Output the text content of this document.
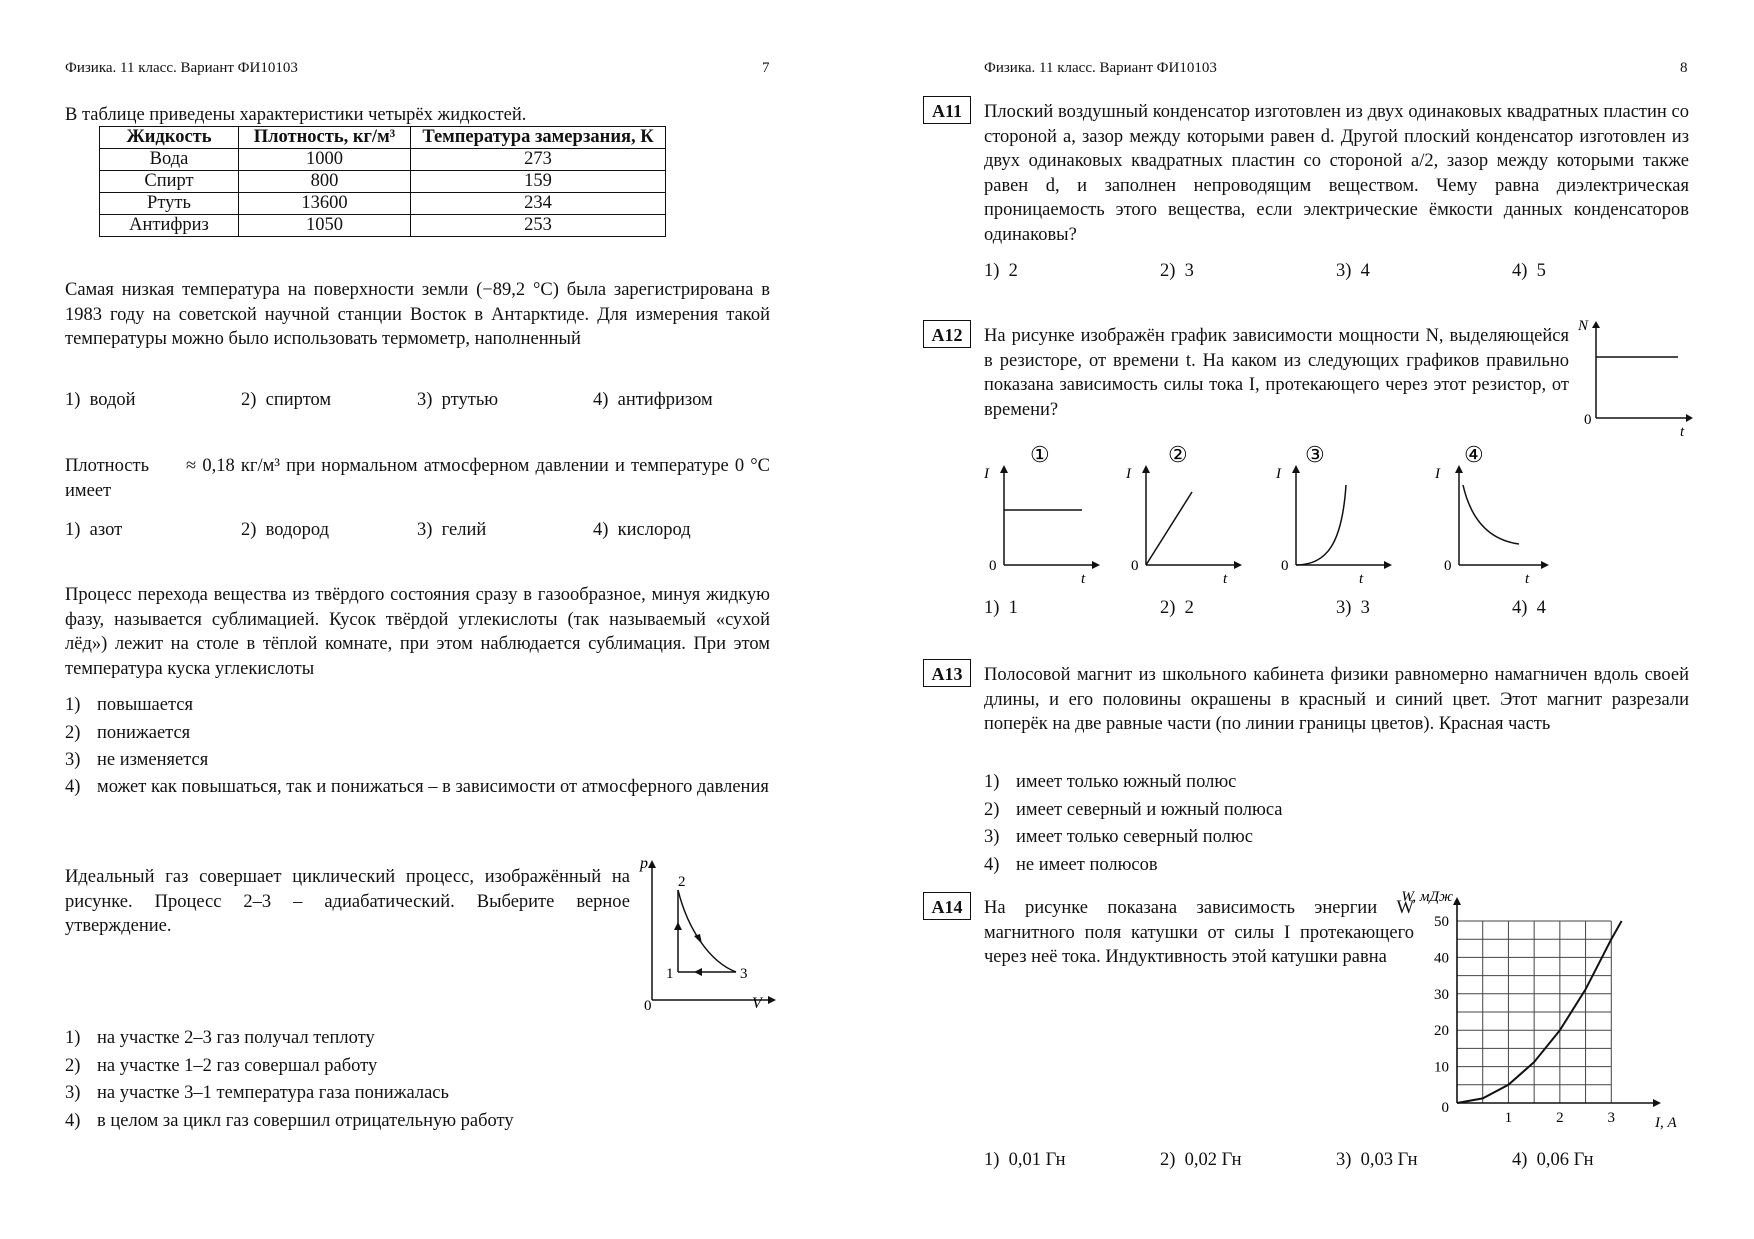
Физика. 11 класс. Вариант ФИ10103	7
В таблице приведены характеристики четырёх жидкостей.
Жидкость	Плотность, кг/м³	Температура замерзания, К
Вода	1000	273
Спирт	800	159
Ртуть	13600	234
Антифриз	1050	253
Самая низкая температура на поверхности земли (−89,2 °С) была зарегистрирована в 1983 году на советской научной станции Восток в Антарктиде. Для измерения такой температуры можно было использовать термометр, наполненный
1) водой	2) спиртом	3) ртутью	4) антифризом
Плотность      ≈ 0,18 кг/м³ при нормальном атмосферном давлении и температуре 0 °С имеет
1) азот	2) водород	3) гелий	4) кислород
Процесс перехода вещества из твёрдого состояния сразу в газообразное, минуя жидкую фазу, называется сублимацией. Кусок твёрдой углекислоты (так называемый «сухой лёд») лежит на столе в тёплой комнате, при этом наблюдается сублимация. При этом температура куска углекислоты
1) повышается
2) понижается
3) не изменяется
4) может как повышаться, так и понижаться – в зависимости от атмосферного давления
Идеальный газ совершает циклический процесс, изображённый на рисунке. Процесс 2–3 – адиабатический. Выберите верное утверждение.
p
V
0
1
2
3
1) на участке 2–3 газ получал теплоту
2) на участке 1–2 газ совершал работу
3) на участке 3–1 температура газа понижалась
4) в целом за цикл газ совершил отрицательную работу
Физика. 11 класс. Вариант ФИ10103	8
A11	Плоский воздушный конденсатор изготовлен из двух одинаковых квадратных пластин со стороной a, зазор между которыми равен d. Другой плоский конденсатор изготовлен из двух одинаковых квадратных пластин со стороной a/2, зазор между которыми также равен d, и заполнен непроводящим веществом. Чему равна диэлектрическая проницаемость этого вещества, если электрические ёмкости данных конденсаторов одинаковы?
1) 2	2) 3	3) 4	4) 5
A12	На рисунке изображён график зависимости мощности N, выделяющейся в резисторе, от времени t. На каком из следующих графиков правильно показана зависимость силы тока I, протекающего через этот резистор, от времени?
N
t
0
①
I
t
0
②
I
t
0
③
I
t
0
④
I
t
0
1) 1	2) 2	3) 3	4) 4
A13	Полосовой магнит из школьного кабинета физики равномерно намагничен вдоль своей длины, и его половины окрашены в красный и синий цвет. Этот магнит разрезали поперёк на две равные части (по линии границы цветов). Красная часть
1) имеет только южный полюс
2) имеет северный и южный полюса
3) имеет только северный полюс
4) не имеет полюсов
A14	На рисунке показана зависимость энергии W магнитного поля катушки от силы I протекающего через неё тока. Индуктивность этой катушки равна
10
20
30
40
50
1	2	3
0
W, мДж
I, А
1) 0,01 Гн	2) 0,02 Гн	3) 0,03 Гн	4) 0,06 Гн
